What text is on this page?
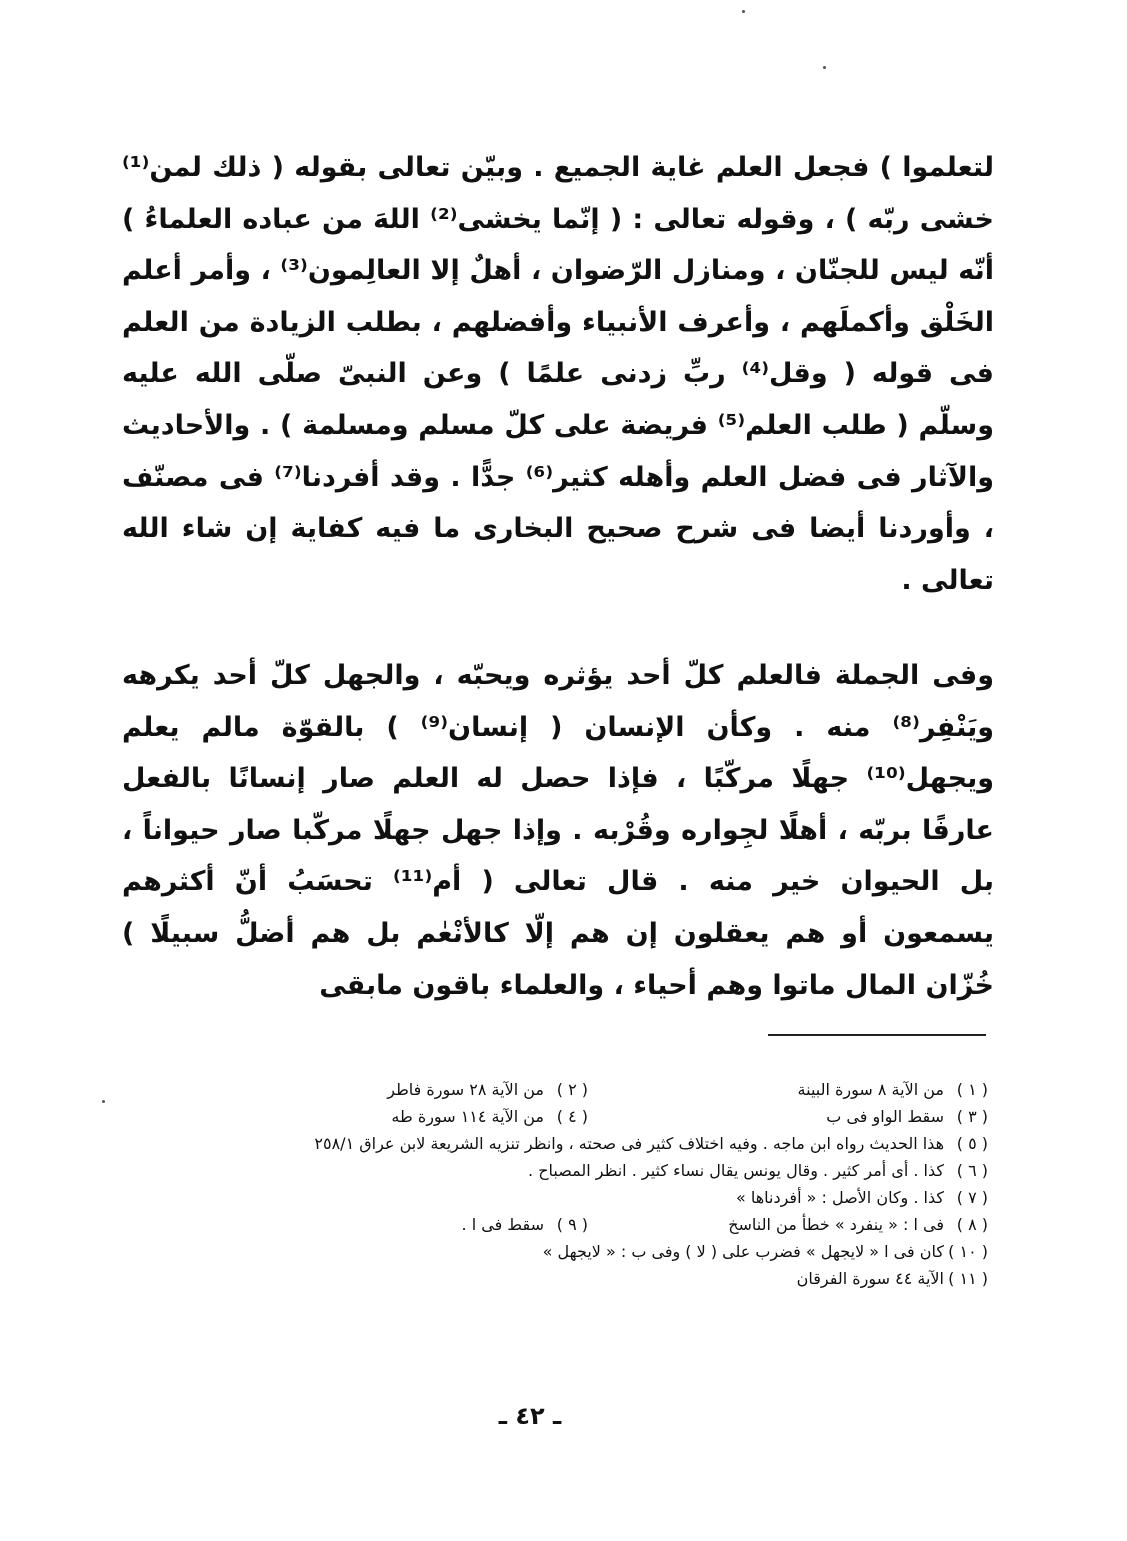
لتعلموا ) فجعل العلم غاية الجميع . وبيّن تعالى بقوله ( ذلك لمن⁽¹⁾ خشى ربّه ) ، وقوله تعالى : ( إنّما يخشى⁽²⁾ اللهَ من عباده العلماءُ ) أنّه ليس للجنّان ، ومنازل الرّضوان ، أهلٌ إلا العالِمون⁽³⁾ ، وأمر أعلم الخَلْق وأكملَهم ، وأعرف الأنبياء وأفضلهم ، بطلب الزيادة من العلم فى قوله ( وقل⁽⁴⁾ ربِّ زدنى علمًا ) وعن النبىّ صلّى الله عليه وسلّم ( طلب العلم⁽⁵⁾ فريضة على كلّ مسلم ومسلمة ) . والأحاديث والآثار فى فضل العلم وأهله كثير⁽⁶⁾ جدًّا . وقد أفردنا⁽⁷⁾ فى مصنّف ، وأوردنا أيضا فى شرح صحيح البخارى ما فيه كفاية إن شاء الله تعالى .

وفى الجملة فالعلم كلّ أحد يؤثره ويحبّه ، والجهل كلّ أحد يكرهه ويَنْفِر⁽⁸⁾ منه . وكأن الإنسان ( إنسان⁽⁹⁾ ) بالقوّة مالم يعلم ويجهل⁽¹⁰⁾ جهلًا مركّبًا ، فإذا حصل له العلم صار إنسانًا بالفعل عارفًا بربّه ، أهلًا لجِواره وقُرْبه . وإذا جهل جهلًا مركّبا صار حيواناً ، بل الحيوان خير منه . قال تعالى ( أم⁽¹¹⁾ تحسَبُ أنّ أكثرهم يسمعون أو هم يعقلون إن هم إلّا كالأنْعٰم بل هم أضلُّ سبيلًا ) خُزّان المال ماتوا وهم أحياء ، والعلماء باقون مابقى

( ١ )
من الآية ٨ سورة البينة
( ٢ )
من الآية ٢٨ سورة فاطر
( ٣ )
سقط الواو فى ب
( ٤ )
من الآية ١١٤ سورة طه
( ٥ )
هذا الحديث رواه ابن ماجه . وفيه اختلاف كثير فى صحته ، وانظر تنزيه الشريعة لابن عراق ٢٥٨/١
( ٦ )
كذا . أى أمر كثير . وقال يونس يقال نساء كثير . انظر المصباح .
( ٧ )
كذا . وكان الأصل : « أفردناها »
( ٨ )
فى ا : « ينفرد » خطأ من الناسخ
( ٩ )
سقط فى ا .
( ١٠ )
كان فى ا « لايجهل » فضرب على ( لا ) وفى ب : « لايجهل »
( ١١ )
الآية ٤٤ سورة الفرقان
ـ ٤٢ ـ
